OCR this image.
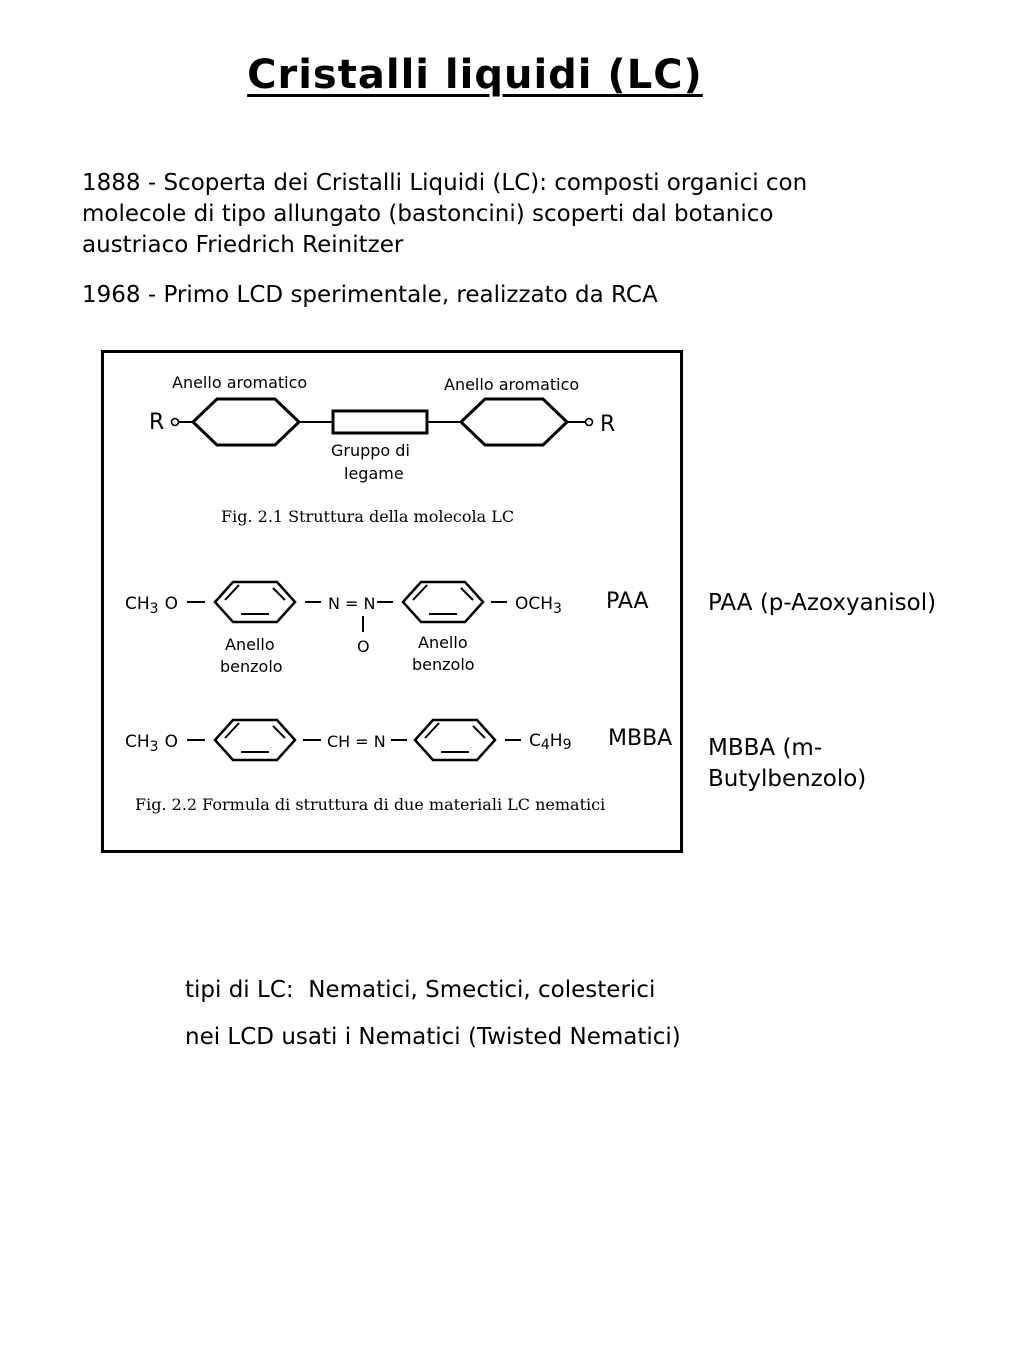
Cristalli liquidi (LC)

1888 - Scoperta dei Cristalli Liquidi (LC): composti organici con
molecole di tipo allungato (bastoncini) scoperti dal botanico
austriaco Friedrich Reinitzer

1968 - Primo LCD sperimentale, realizzato da RCA

Anello aromatico	Anello aromatico
R	R
Gruppo di
legame
Fig. 2.1 Struttura della molecola LC
$CH_3$ O	N = N
O
$OCH_3$ PAA
Anello
benzolo
Anello
benzolo
$CH_3$ O	CH = N	C4H9 MBBA
Fig. 2.2 Formula di struttura di due materiali LC nematici

PAA (p-Azoxyanisol)

MBBA (m-
Butylbenzolo)

tipi di LC:  Nematici, Smectici, colesterici

nei LCD usati i Nematici (Twisted Nematici)
